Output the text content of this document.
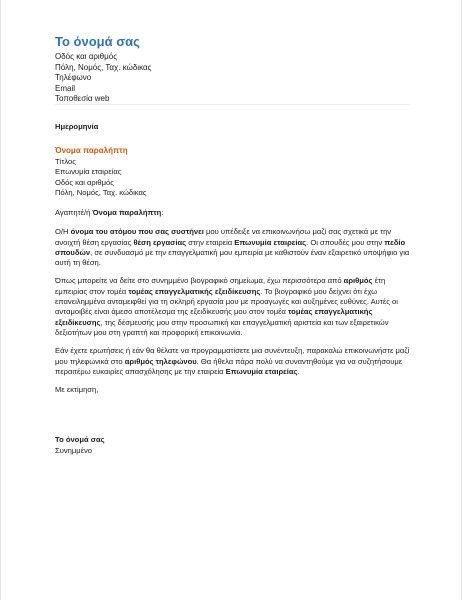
Το όνομά σας
Οδός και αριθμός
Πόλη, Νομός, Ταχ. κώδικας
Τηλέφωνο
Email
Τοποθεσία web
Ημερομηνία
Όνομα παραλήπτη
Τίτλος
Επωνυμία εταιρείας
Οδός και αριθμός
Πόλη, Νομός, Ταχ. κώδικας
Αγαπητέ/ή Όνομα παραλήπτη:

Ο/Η όνομα του ατόμου που σας συστήνει μου υπέδειξε να επικοινωνήσω μαζί σας σχετικά με την ανοιχτή θέση εργασίας θέση εργασίας στην εταιρεία Επωνυμία εταιρείας. Οι σπουδές μου στην πεδίο σπουδών, σε συνδυασμό με την επαγγελματική μου εμπειρία με καθιστούν έναν εξαιρετικό υποψήφιο για αυτή τη θέση.

Όπως μπορείτε να δείτε στο συνημμένο βιογραφικό σημείωμα, έχω περισσότερα από αριθμός έτη εμπειρίας στον τομέα τομέας επαγγελματικής εξειδίκευσης. Το βιογραφικό μου δείχνει ότι έχω επανειλημμένα ανταμειφθεί για τη σκληρή εργασία μου με προαγωγές και αυξημένες ευθύνες. Αυτές οι ανταμοιβές είναι άμεσο αποτέλεσμα της εξειδίκευσής μου στον τομέα τομέας επαγγελματικής εξειδίκευσης, της δέσμευσής μου στην προσωπική και επαγγελματική αριστεία και των εξαιρετικών δεξιοτήτων μου στη γραπτή και προφορική επικοινωνία.

Εάν έχετε ερωτήσεις ή εάν θα θέλατε να προγραμματίσετε μια συνέντευξη, παρακαλώ επικοινωνήστε μαζί μου τηλεφωνικά στο αριθμός τηλεφώνου. Θα ήθελα πάρα πολύ να συναντηθούμε για να συζητήσουμε περαιτέρω ευκαιρίες απασχόλησης με την εταιρεία Επωνυμία εταιρείας.

Με εκτίμηση,
Το όνομά σας
Συνημμένο
